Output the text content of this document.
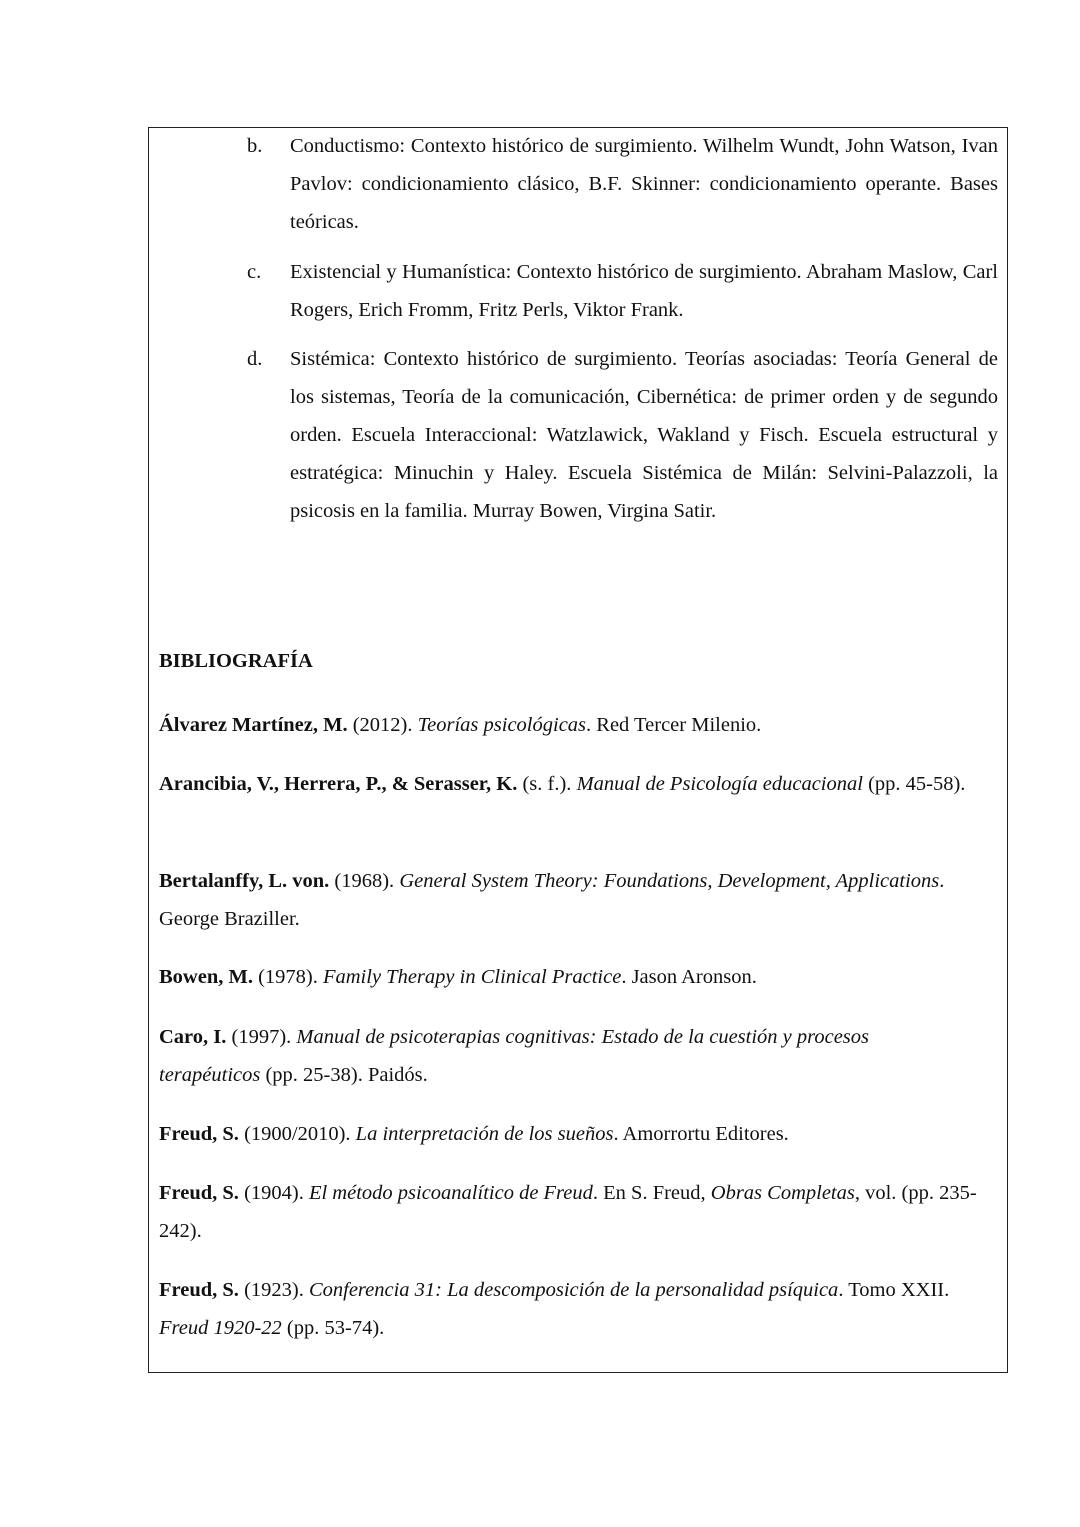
b.	Conductismo: Contexto histórico de surgimiento. Wilhelm Wundt, John Watson, Ivan Pavlov: condicionamiento clásico, B.F. Skinner: condicionamiento operante. Bases teóricas.
c.	Existencial y Humanística: Contexto histórico de surgimiento. Abraham Maslow, Carl Rogers, Erich Fromm, Fritz Perls, Viktor Frank.
d.	Sistémica: Contexto histórico de surgimiento. Teorías asociadas: Teoría General de los sistemas, Teoría de la comunicación, Cibernética: de primer orden y de segundo orden. Escuela Interaccional: Watzlawick, Wakland y Fisch. Escuela estructural y estratégica: Minuchin y Haley. Escuela Sistémica de Milán: Selvini-Palazzoli, la psicosis en la familia. Murray Bowen, Virgina Satir.
BIBLIOGRAFÍA
Álvarez Martínez, M. (2012). Teorías psicológicas. Red Tercer Milenio.
Arancibia, V., Herrera, P., & Serasser, K. (s. f.). Manual de Psicología educacional (pp. 45-58).
Bertalanffy, L. von. (1968). General System Theory: Foundations, Development, Applications. George Braziller.
Bowen, M. (1978). Family Therapy in Clinical Practice. Jason Aronson.
Caro, I. (1997). Manual de psicoterapias cognitivas: Estado de la cuestión y procesos terapéuticos (pp. 25-38). Paidós.
Freud, S. (1900/2010). La interpretación de los sueños. Amorrortu Editores.
Freud, S. (1904). El método psicoanalítico de Freud. En S. Freud, Obras Completas, vol. (pp. 235-242).
Freud, S. (1923). Conferencia 31: La descomposición de la personalidad psíquica. Tomo XXII. Freud 1920-22 (pp. 53-74).
